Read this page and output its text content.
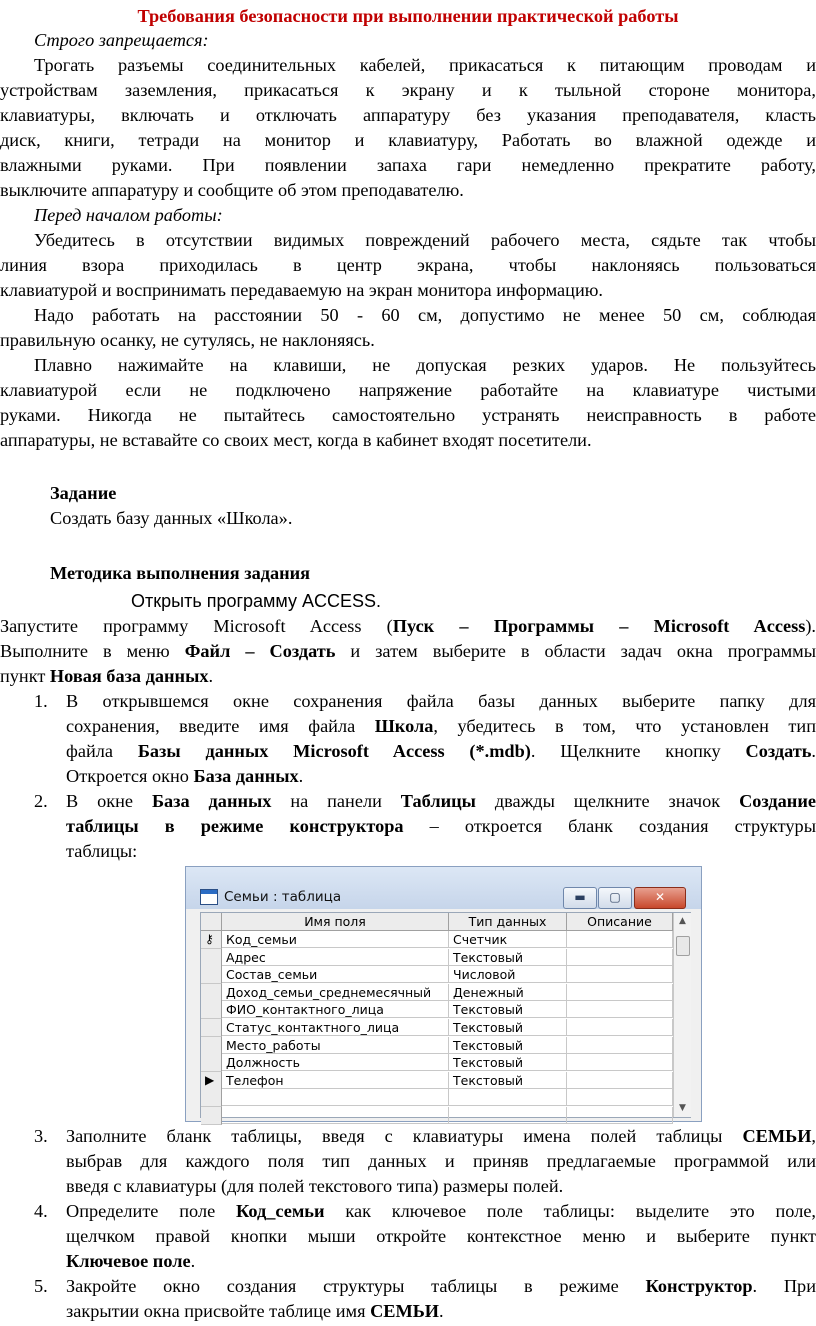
Требования безопасности при выполнении практической работы
Строго запрещается:
Трогать разъемы соединительных кабелей, прикасаться к питающим проводам и
устройствам заземления, прикасаться к экрану и к тыльной стороне монитора,
клавиатуры, включать и отключать аппаратуру без указания преподавателя, класть
диск, книги, тетради на монитор и клавиатуру, Работать во влажной одежде и
влажными руками. При появлении запаха гари немедленно прекратите работу,
выключите аппаратуру и сообщите об этом преподавателю.
Перед началом работы:
Убедитесь в отсутствии видимых повреждений рабочего места, сядьте так чтобы
линия взора приходилась в центр экрана, чтобы наклоняясь пользоваться
клавиатурой и воспринимать передаваемую на экран монитора информацию.
Надо работать на расстоянии 50 - 60 см, допустимо не менее 50 см, соблюдая
правильную осанку, не сутулясь, не наклоняясь.
Плавно нажимайте на клавиши, не допуская резких ударов. Не пользуйтесь
клавиатурой если не подключено напряжение работайте на клавиатуре чистыми
руками. Никогда не пытайтесь самостоятельно устранять неисправность в работе
аппаратуры, не вставайте со своих мест, когда в кабинет входят посетители.
Задание
Создать базу данных «Школа».
Методика выполнения задания
Открыть программу ACCESS.
Запустите программу Microsoft Access (Пуск – Программы – Microsoft Access).
Выполните в меню Файл – Создать и затем выберите в области задач окна программы
пункт Новая база данных.
1. В открывшемся окне сохранения файла базы данных выберите папку для
сохранения, введите имя файла Школа, убедитесь в том, что установлен тип
файла Базы данных Microsoft Access (*.mdb). Щелкните кнопку Создать.
Откроется окно База данных.
2. В окне База данных на панели Таблицы дважды щелкните значок Создание
таблицы в режиме конструктора – откроется бланк создания структуры
таблицы:
3. Заполните бланк таблицы, введя с клавиатуры имена полей таблицы СЕМЬИ,
выбрав для каждого поля тип данных и приняв предлагаемые программой или
введя с клавиатуры (для полей текстового типа) размеры полей.
4. Определите поле Код_семьи как ключевое поле таблицы: выделите это поле,
щелчком правой кнопки мыши откройте контекстное меню и выберите пункт
Ключевое поле.
5. Закройте окно создания структуры таблицы в режиме Конструктор. При
закрытии окна присвойте таблице имя СЕМЬИ.
Семьи : таблица	▬	▢	✕
Имя поля	Тип данных	Описание	▲
▼
⚷ Код_семьи	Счетчик
Адрес	Текстовый
Состав_семьи	Числовой
Доход_семьи_среднемесячный	Денежный
ФИО_контактного_лица	Текстовый
Статус_контактного_лица	Текстовый
Место_работы	Текстовый
Должность	Текстовый
▶ Телефон	Текстовый
